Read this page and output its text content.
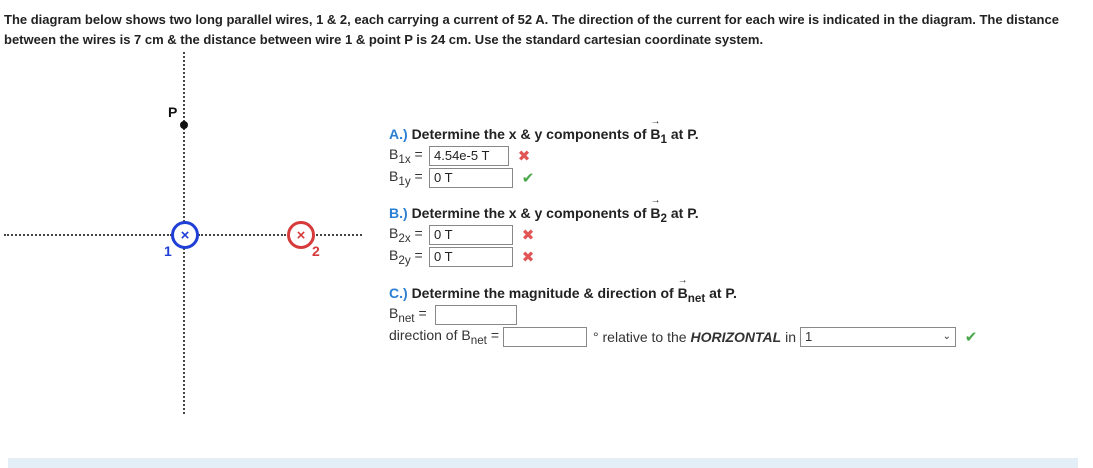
The diagram below shows two long parallel wires, 1 & 2, each carrying a current of 52 A. The direction of the current for each wire is indicated in the diagram. The distance

between the wires is 7 cm & the distance between wire 1 & point P is 24 cm. Use the standard cartesian coordinate system.

P
×
1
×
2
A.) Determine the x & y components of
→
$B_1$ at P.
$B_{1x} = 4.54e-5$ T	✖
$B_{1y} = 0$ T	✔
B.) Determine the x & y components of
→
$B_2$ at P.
$B_{2x} = 0$ T	✖
$B_{2y} = 0$ T	✖
C.) Determine the magnitude & direction of
→
$B_{net}$ at P.
$B_{net}$ =
direction of $B_{net}$ =	° relative to the HORIZONTAL in 1	⌄ ✔
